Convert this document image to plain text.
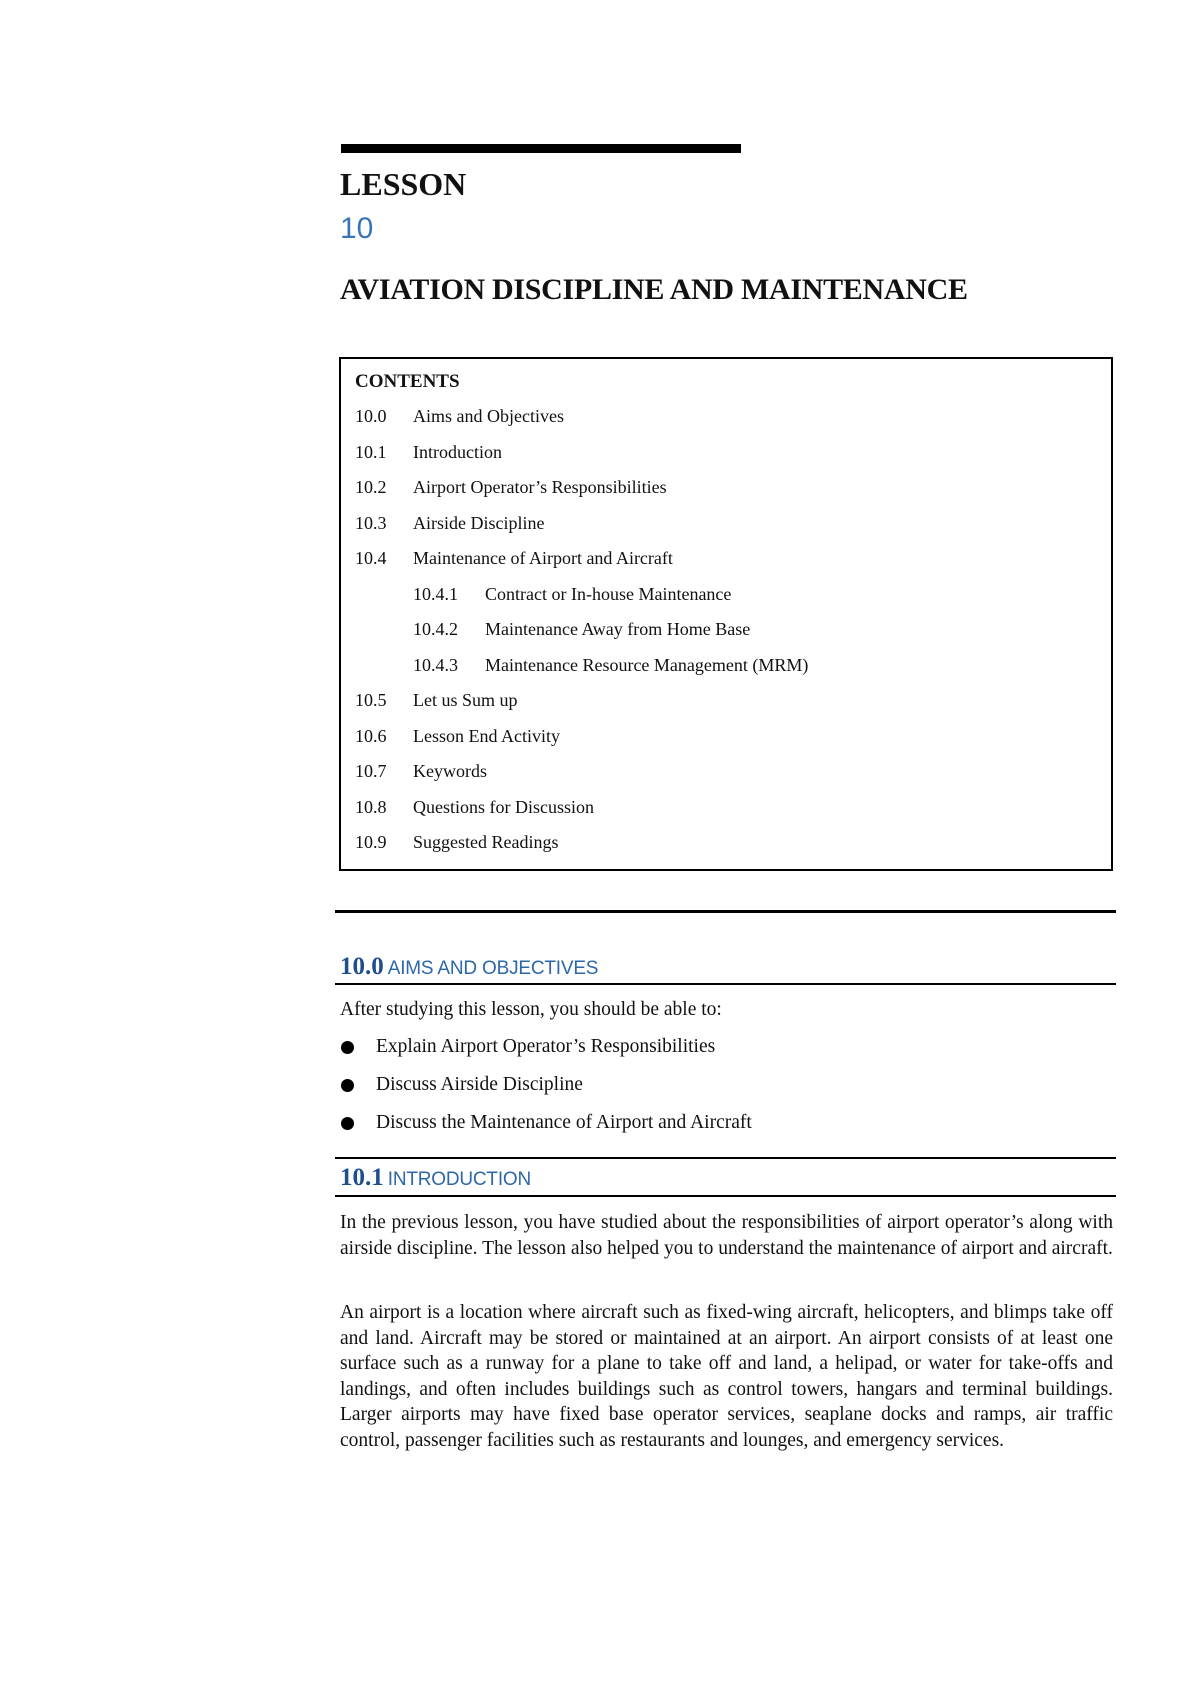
LESSON
10
AVIATION DISCIPLINE AND MAINTENANCE
CONTENTS
10.0 Aims and Objectives
10.1 Introduction
10.2 Airport Operator’s Responsibilities
10.3 Airside Discipline
10.4 Maintenance of Airport and Aircraft
10.4.1 Contract or In-house Maintenance
10.4.2 Maintenance Away from Home Base
10.4.3 Maintenance Resource Management (MRM)
10.5 Let us Sum up
10.6 Lesson End Activity
10.7 Keywords
10.8 Questions for Discussion
10.9 Suggested Readings
10.0 AIMS AND OBJECTIVES
After studying this lesson, you should be able to:
Explain Airport Operator’s Responsibilities
Discuss Airside Discipline
Discuss the Maintenance of Airport and Aircraft
10.1 INTRODUCTION

In the previous lesson, you have studied about the responsibilities of airport operator’s along with airside discipline. The lesson also helped you to understand the maintenance of airport and aircraft.

An airport is a location where aircraft such as fixed-wing aircraft, helicopters, and blimps take off and land. Aircraft may be stored or maintained at an airport. An airport consists of at least one surface such as a runway for a plane to take off and land, a helipad, or water for take-offs and landings, and often includes buildings such as control towers, hangars and terminal buildings. Larger airports may have fixed base operator services, seaplane docks and ramps, air traffic control, passenger facilities such as restaurants and lounges, and emergency services.
